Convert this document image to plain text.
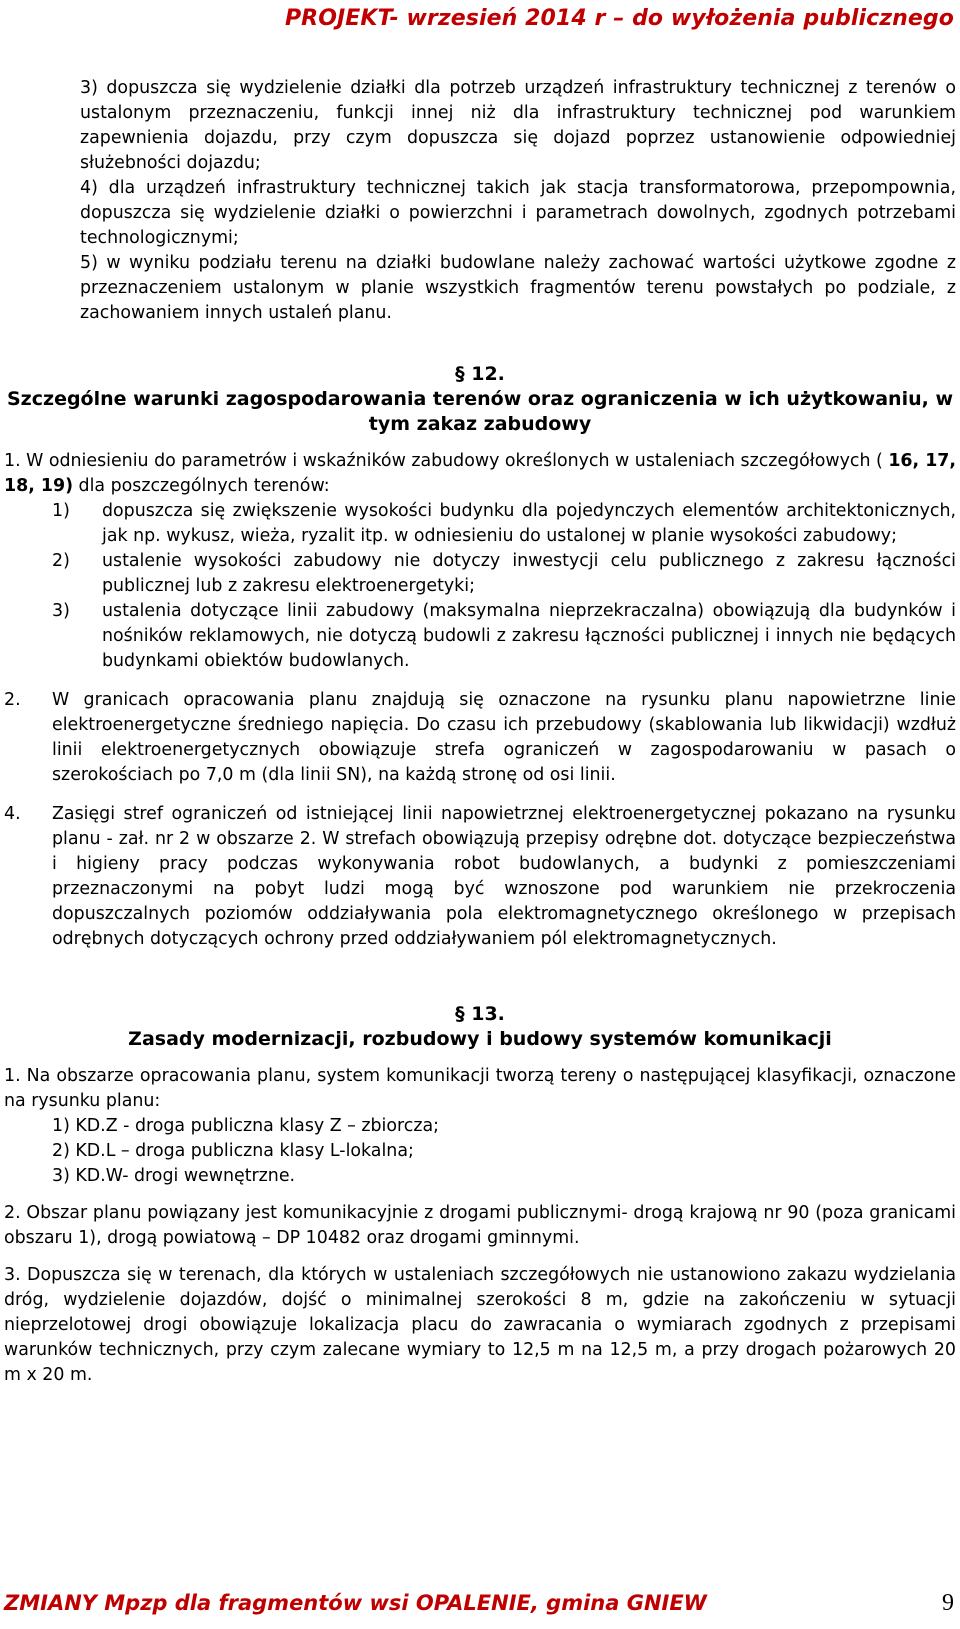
PROJEKT- wrzesień 2014 r – do wyłożenia publicznego

3) dopuszcza się wydzielenie działki dla potrzeb urządzeń infrastruktury technicznej z terenów o ustalonym przeznaczeniu, funkcji innej niż dla infrastruktury technicznej pod warunkiem zapewnienia dojazdu, przy czym dopuszcza się dojazd poprzez ustanowienie odpowiedniej służebności dojazdu;

4) dla urządzeń infrastruktury technicznej takich jak stacja transformatorowa, przepompownia, dopuszcza się wydzielenie działki o powierzchni i parametrach dowolnych, zgodnych potrzebami technologicznymi;

5) w wyniku podziału terenu na działki budowlane należy zachować wartości użytkowe zgodne z przeznaczeniem ustalonym w planie wszystkich fragmentów terenu powstałych po podziale, z zachowaniem innych ustaleń planu.

§ 12.

Szczególne warunki zagospodarowania terenów oraz ograniczenia w ich użytkowaniu, w tym zakaz zabudowy

1. W odniesieniu do parametrów i wskaźników zabudowy określonych w ustaleniach szczegółowych ( 16, 17, 18, 19) dla poszczególnych terenów:

1)	dopuszcza się zwiększenie wysokości budynku dla pojedynczych elementów architektonicznych, jak np. wykusz, wieża, ryzalit itp. w odniesieniu do ustalonej w planie wysokości zabudowy;
2)	ustalenie wysokości zabudowy nie dotyczy inwestycji celu publicznego z zakresu łączności publicznej lub z zakresu elektroenergetyki;
3)	ustalenia dotyczące linii zabudowy (maksymalna nieprzekraczalna) obowiązują dla budynków i nośników reklamowych, nie dotyczą budowli z zakresu łączności publicznej i innych nie będących budynkami obiektów budowlanych.
2.	W granicach opracowania planu znajdują się oznaczone na rysunku planu napowietrzne linie elektroenergetyczne średniego napięcia. Do czasu ich przebudowy (skablowania lub likwidacji) wzdłuż linii elektroenergetycznych obowiązuje strefa ograniczeń w zagospodarowaniu w pasach o szerokościach po 7,0 m (dla linii SN), na każdą stronę od osi linii.
4.	Zasięgi stref ograniczeń od istniejącej linii napowietrznej elektroenergetycznej pokazano na rysunku planu - zał. nr 2 w obszarze 2. W strefach obowiązują przepisy odrębne dot. dotyczące bezpieczeństwa i higieny pracy podczas wykonywania robot budowlanych, a budynki z pomieszczeniami przeznaczonymi na pobyt ludzi mogą być wznoszone pod warunkiem nie przekroczenia dopuszczalnych poziomów oddziaływania pola elektromagnetycznego określonego w przepisach odrębnych dotyczących ochrony przed oddziaływaniem pól elektromagnetycznych.

§ 13.

Zasady modernizacji, rozbudowy i budowy systemów komunikacji

1. Na obszarze opracowania planu, system komunikacji tworzą tereny o następującej klasyfikacji, oznaczone na rysunku planu:

1) KD.Z - droga publiczna klasy Z – zbiorcza;

2) KD.L – droga publiczna klasy L-lokalna;

3) KD.W- drogi wewnętrzne.

2. Obszar planu powiązany jest komunikacyjnie z drogami publicznymi- drogą krajową nr 90 (poza granicami obszaru 1), drogą powiatową – DP 10482 oraz drogami gminnymi.

3. Dopuszcza się w terenach, dla których w ustaleniach szczegółowych nie ustanowiono zakazu wydzielania dróg, wydzielenie dojazdów, dojść o minimalnej szerokości 8 m, gdzie na zakończeniu w sytuacji nieprzelotowej drogi obowiązuje lokalizacja placu do zawracania o wymiarach zgodnych z przepisami warunków technicznych, przy czym zalecane wymiary to 12,5 m na 12,5 m, a przy drogach pożarowych 20 m x 20 m.

ZMIANY Mpzp dla fragmentów wsi OPALENIE, gmina GNIEW	9
